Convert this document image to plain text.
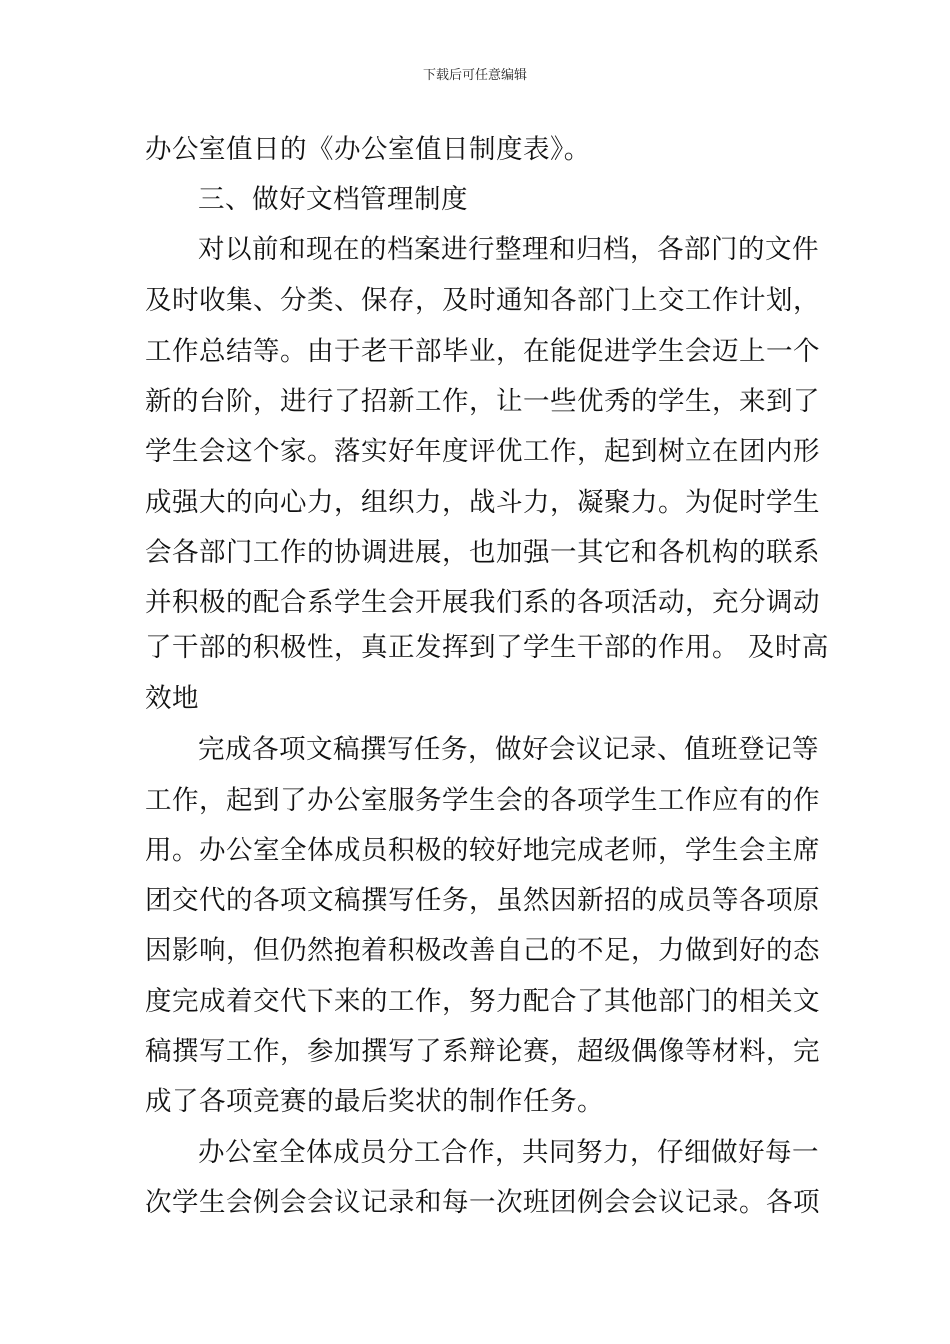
下载后可任意编辑
办公室值日的《办公室值日制度表》。
三、做好文档管理制度
对以前和现在的档案进行整理和归档，各部门的文件
及时收集、分类、保存，及时通知各部门上交工作计划，
工作总结等。由于老干部毕业，在能促进学生会迈上一个
新的台阶，进行了招新工作，让一些优秀的学生，来到了
学生会这个家。落实好年度评优工作，起到树立在团内形
成强大的向心力，组织力，战斗力，凝聚力。为促时学生
会各部门工作的协调进展，也加强一其它和各机构的联系
并积极的配合系学生会开展我们系的各项活动，充分调动
了干部的积极性，真正发挥到了学生干部的作用。 及时高
效地
完成各项文稿撰写任务，做好会议记录、值班登记等
工作，起到了办公室服务学生会的各项学生工作应有的作
用。办公室全体成员积极的较好地完成老师，学生会主席
团交代的各项文稿撰写任务，虽然因新招的成员等各项原
因影响，但仍然抱着积极改善自己的不足，力做到好的态
度完成着交代下来的工作，努力配合了其他部门的相关文
稿撰写工作，参加撰写了系辩论赛，超级偶像等材料，完
成了各项竞赛的最后奖状的制作任务。
办公室全体成员分工合作，共同努力，仔细做好每一
次学生会例会会议记录和每一次班团例会会议记录。各项
